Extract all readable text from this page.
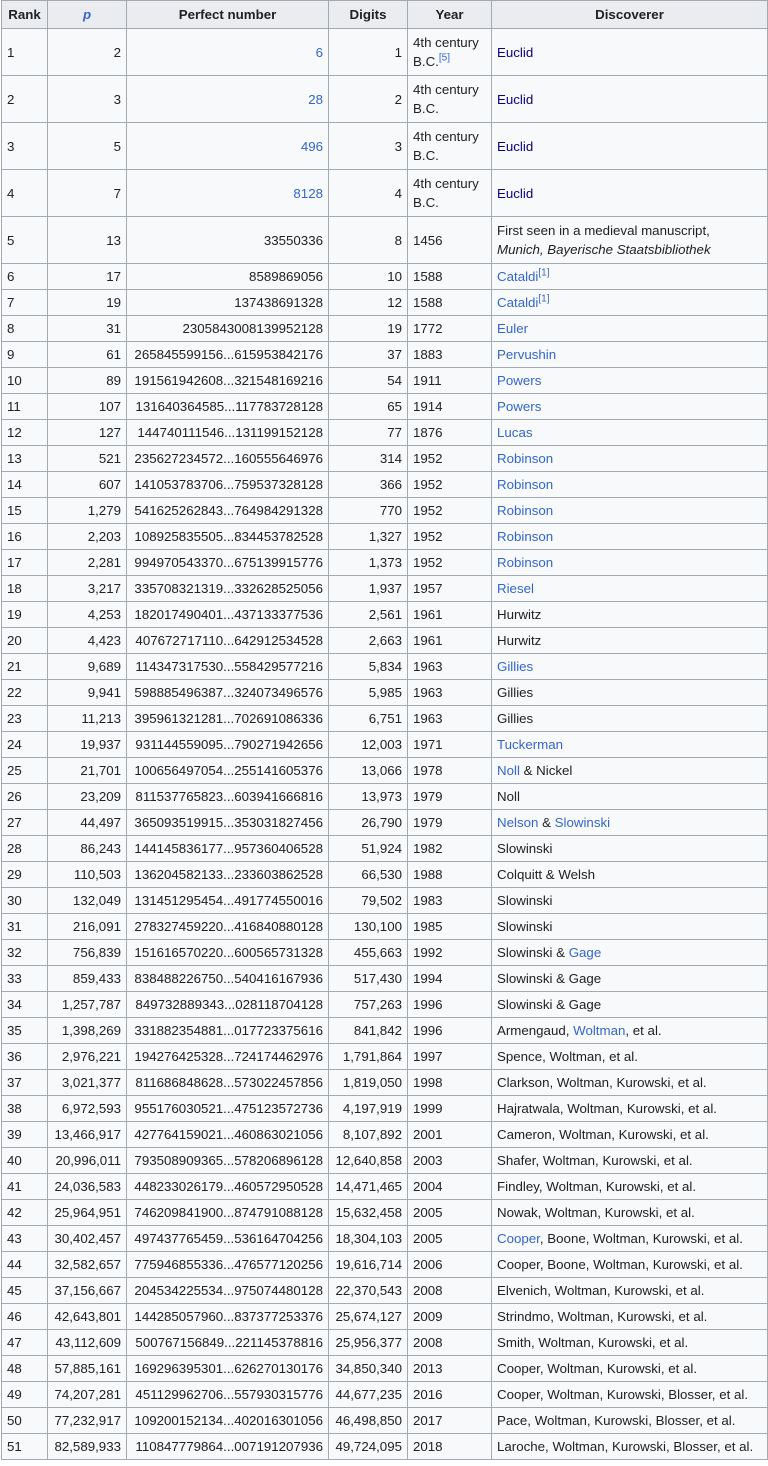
Rank	p	Perfect number	Digits	Year	Discoverer
1	2	6	1	4th century B.C.[5]	Euclid
2	3	28	2	4th century B.C.	Euclid
3	5	496	3	4th century B.C.	Euclid
4	7	8128	4	4th century B.C.	Euclid
5	13	33550336	8	1456	First seen in a medieval manuscript,
Munich, Bayerische Staatsbibliothek
6	17	8589869056	10	1588	Cataldi[1]
7	19	137438691328	12	1588	Cataldi[1]
8	31	2305843008139952128	19	1772	Euler
9	61	265845599156...615953842176	37	1883	Pervushin
10	89	191561942608...321548169216	54	1911	Powers
11	107	131640364585...117783728128	65	1914	Powers
12	127	144740111546...131199152128	77	1876	Lucas
13	521	235627234572...160555646976	314	1952	Robinson
14	607	141053783706...759537328128	366	1952	Robinson
15	1,279	541625262843...764984291328	770	1952	Robinson
16	2,203	108925835505...834453782528	1,327	1952	Robinson
17	2,281	994970543370...675139915776	1,373	1952	Robinson
18	3,217	335708321319...332628525056	1,937	1957	Riesel
19	4,253	182017490401...437133377536	2,561	1961	Hurwitz
20	4,423	407672717110...642912534528	2,663	1961	Hurwitz
21	9,689	114347317530...558429577216	5,834	1963	Gillies
22	9,941	598885496387...324073496576	5,985	1963	Gillies
23	11,213	395961321281...702691086336	6,751	1963	Gillies
24	19,937	931144559095...790271942656	12,003	1971	Tuckerman
25	21,701	100656497054...255141605376	13,066	1978	Noll & Nickel
26	23,209	811537765823...603941666816	13,973	1979	Noll
27	44,497	365093519915...353031827456	26,790	1979	Nelson & Slowinski
28	86,243	144145836177...957360406528	51,924	1982	Slowinski
29	110,503	136204582133...233603862528	66,530	1988	Colquitt & Welsh
30	132,049	131451295454...491774550016	79,502	1983	Slowinski
31	216,091	278327459220...416840880128	130,100	1985	Slowinski
32	756,839	151616570220...600565731328	455,663	1992	Slowinski & Gage
33	859,433	838488226750...540416167936	517,430	1994	Slowinski & Gage
34	1,257,787	849732889343...028118704128	757,263	1996	Slowinski & Gage
35	1,398,269	331882354881...017723375616	841,842	1996	Armengaud, Woltman, et al.
36	2,976,221	194276425328...724174462976	1,791,864	1997	Spence, Woltman, et al.
37	3,021,377	811686848628...573022457856	1,819,050	1998	Clarkson, Woltman, Kurowski, et al.
38	6,972,593	955176030521...475123572736	4,197,919	1999	Hajratwala, Woltman, Kurowski, et al.
39	13,466,917	427764159021...460863021056	8,107,892	2001	Cameron, Woltman, Kurowski, et al.
40	20,996,011	793508909365...578206896128	12,640,858	2003	Shafer, Woltman, Kurowski, et al.
41	24,036,583	448233026179...460572950528	14,471,465	2004	Findley, Woltman, Kurowski, et al.
42	25,964,951	746209841900...874791088128	15,632,458	2005	Nowak, Woltman, Kurowski, et al.
43	30,402,457	497437765459...536164704256	18,304,103	2005	Cooper, Boone, Woltman, Kurowski, et al.
44	32,582,657	775946855336...476577120256	19,616,714	2006	Cooper, Boone, Woltman, Kurowski, et al.
45	37,156,667	204534225534...975074480128	22,370,543	2008	Elvenich, Woltman, Kurowski, et al.
46	42,643,801	144285057960...837377253376	25,674,127	2009	Strindmo, Woltman, Kurowski, et al.
47	43,112,609	500767156849...221145378816	25,956,377	2008	Smith, Woltman, Kurowski, et al.
48	57,885,161	169296395301...626270130176	34,850,340	2013	Cooper, Woltman, Kurowski, et al.
49	74,207,281	451129962706...557930315776	44,677,235	2016	Cooper, Woltman, Kurowski, Blosser, et al.
50	77,232,917	109200152134...402016301056	46,498,850	2017	Pace, Woltman, Kurowski, Blosser, et al.
51	82,589,933	110847779864...007191207936	49,724,095	2018	Laroche, Woltman, Kurowski, Blosser, et al.
